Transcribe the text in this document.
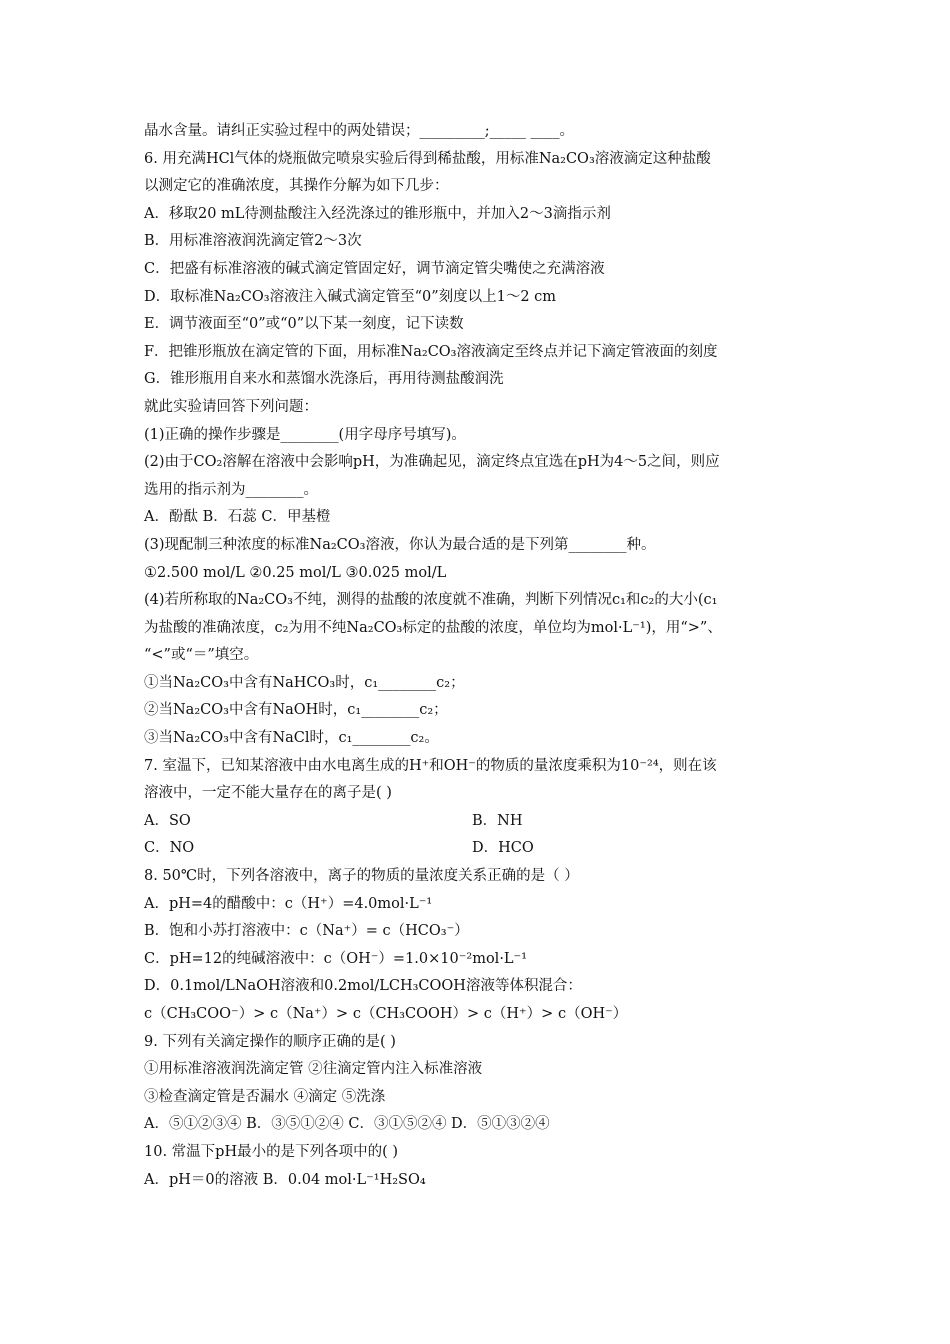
晶水含量。请纠正实验过程中的两处错误；_________;_____ ____。
6. 用充满HCl气体的烧瓶做完喷泉实验后得到稀盐酸，用标准Na₂CO₃溶液滴定这种盐酸
以测定它的准确浓度，其操作分解为如下几步：
A．移取20 mL待测盐酸注入经洗涤过的锥形瓶中，并加入2～3滴指示剂
B．用标准溶液润洗滴定管2～3次
C．把盛有标准溶液的碱式滴定管固定好，调节滴定管尖嘴使之充满溶液
D．取标准Na₂CO₃溶液注入碱式滴定管至“0”刻度以上1～2 cm
E．调节液面至“0”或“0”以下某一刻度，记下读数
F．把锥形瓶放在滴定管的下面，用标准Na₂CO₃溶液滴定至终点并记下滴定管液面的刻度
G．锥形瓶用自来水和蒸馏水洗涤后，再用待测盐酸润洗
就此实验请回答下列问题：
(1)正确的操作步骤是________(用字母序号填写)。
(2)由于CO₂溶解在溶液中会影响pH，为准确起见，滴定终点宜选在pH为4～5之间，则应
选用的指示剂为________。
A．酚酞 B．石蕊 C．甲基橙
(3)现配制三种浓度的标准Na₂CO₃溶液，你认为最合适的是下列第________种。
①2.500 mol/L ②0.25 mol/L ③0.025 mol/L
(4)若所称取的Na₂CO₃不纯，测得的盐酸的浓度就不准确，判断下列情况c₁和c₂的大小(c₁
为盐酸的准确浓度，c₂为用不纯Na₂CO₃标定的盐酸的浓度，单位均为mol·L⁻¹)，用“>”、
“<”或“＝”填空。
①当Na₂CO₃中含有NaHCO₃时，c₁________c₂；
②当Na₂CO₃中含有NaOH时，c₁________c₂；
③当Na₂CO₃中含有NaCl时，c₁________c₂。
7. 室温下，已知某溶液中由水电离生成的H⁺和OH⁻的物质的量浓度乘积为10⁻²⁴，则在该
溶液中，一定不能大量存在的离子是( )
A．SO	B．NH
C．NO	D．HCO
8. 50℃时，下列各溶液中，离子的物质的量浓度关系正确的是（ ）
A．pH=4的醋酸中：c（H⁺）=4.0mol·L⁻¹
B．饱和小苏打溶液中：c（Na⁺）= c（HCO₃⁻）
C．pH=12的纯碱溶液中：c（OH⁻）=1.0×10⁻²mol·L⁻¹
D．0.1mol/LNaOH溶液和0.2mol/LCH₃COOH溶液等体积混合：
c（CH₃COO⁻）> c（Na⁺）> c（CH₃COOH）> c（H⁺）> c（OH⁻）
9. 下列有关滴定操作的顺序正确的是( )
①用标准溶液润洗滴定管 ②往滴定管内注入标准溶液
③检查滴定管是否漏水 ④滴定 ⑤洗涤
A．⑤①②③④ B．③⑤①②④ C．③①⑤②④ D．⑤①③②④
10. 常温下pH最小的是下列各项中的( )
A．pH＝0的溶液 B．0.04 mol·L⁻¹H₂SO₄
